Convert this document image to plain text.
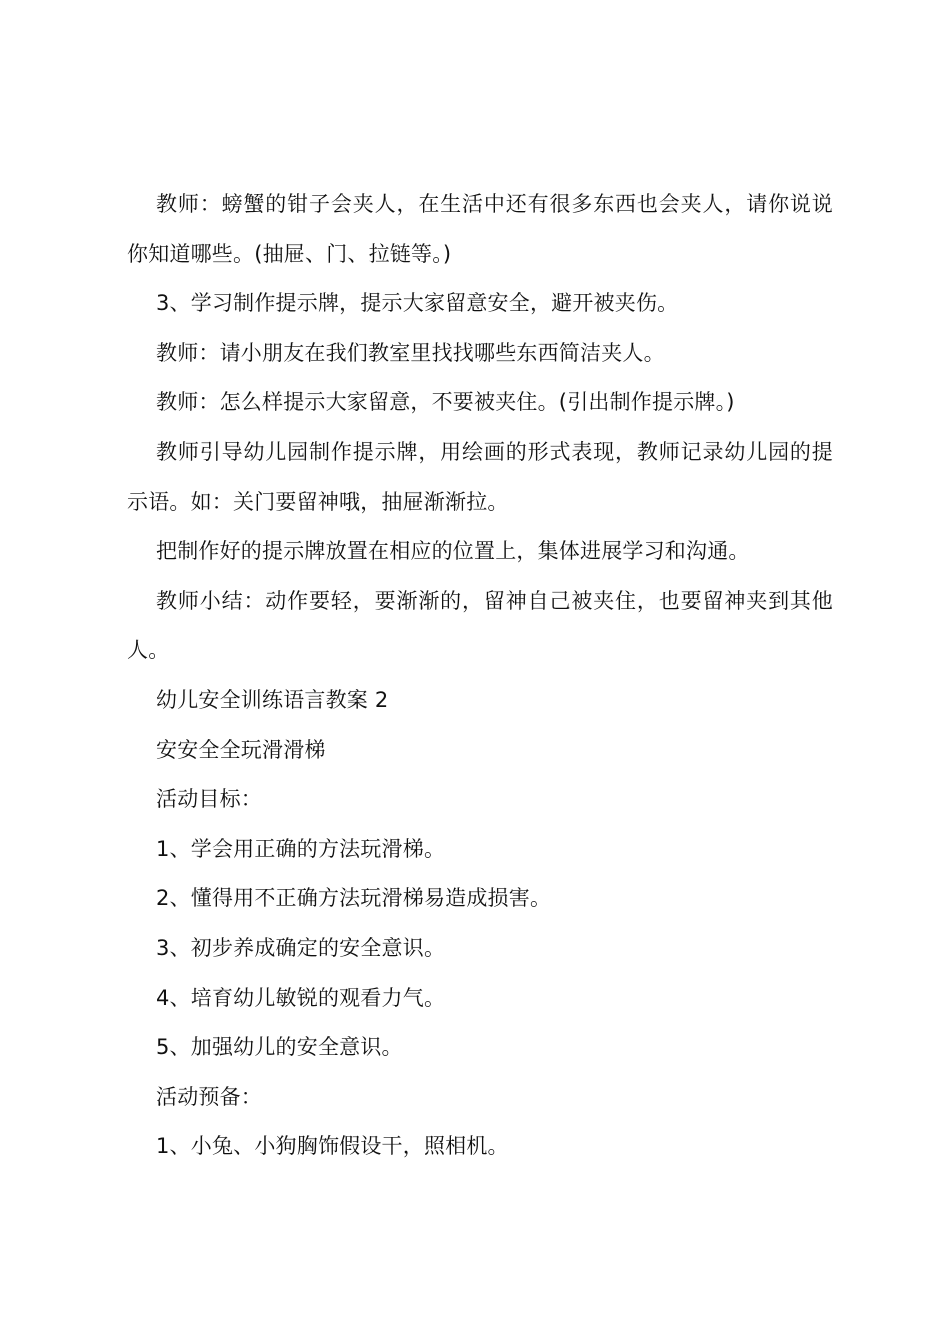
教师：螃蟹的钳子会夹人，在生活中还有很多东西也会夹人，请你说说你知道哪些。(抽屉、门、拉链等。)

3、学习制作提示牌，提示大家留意安全，避开被夹伤。

教师：请小朋友在我们教室里找找哪些东西简洁夹人。

教师：怎么样提示大家留意，不要被夹住。(引出制作提示牌。)

教师引导幼儿园制作提示牌，用绘画的形式表现，教师记录幼儿园的提示语。如：关门要留神哦，抽屉渐渐拉。

把制作好的提示牌放置在相应的位置上，集体进展学习和沟通。

教师小结：动作要轻，要渐渐的，留神自己被夹住，也要留神夹到其他人。

幼儿安全训练语言教案 2

安安全全玩滑滑梯

活动目标：

1、学会用正确的方法玩滑梯。

2、懂得用不正确方法玩滑梯易造成损害。

3、初步养成确定的安全意识。

4、培育幼儿敏锐的观看力气。

5、加强幼儿的安全意识。

活动预备：

1、小兔、小狗胸饰假设干，照相机。
